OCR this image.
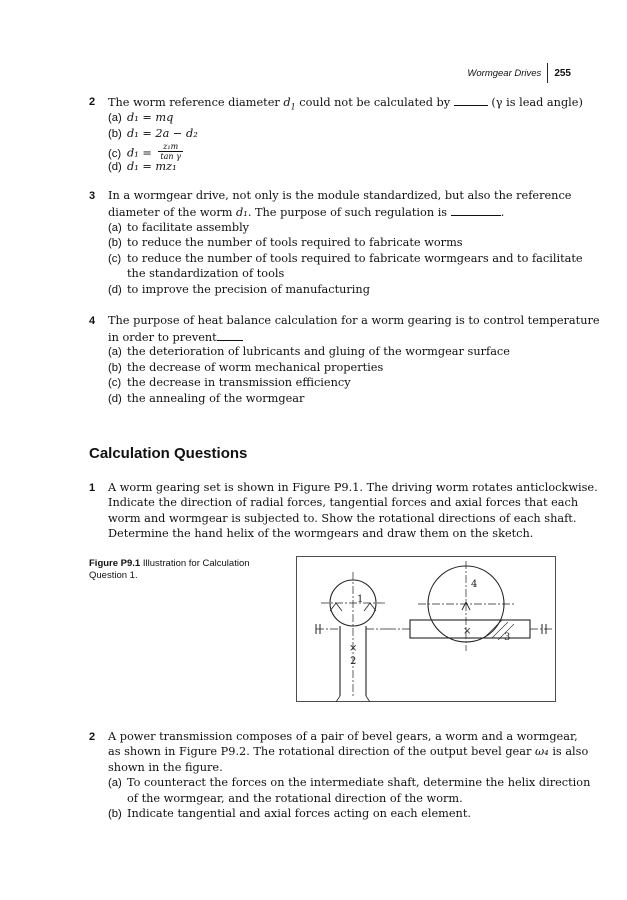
Wormgear Drives 255
2 The worm reference diameter $d_1$ could not be calculated by	(γ is lead angle)
(a) d₁ = mq
(b) d₁ = 2a − d₂
(c) $d_1 = \frac{\text{z₁m}}{\text{tan γ}}$
(d) d₁ = mz₁
3 In a wormgear drive, not only is the module standardized, but also the reference
diameter of the worm d₁. The purpose of such regulation is	.
(a) to facilitate assembly
(b) to reduce the number of tools required to fabricate worms
(c) to reduce the number of tools required to fabricate wormgears and to facilitate
the standardization of tools
(d) to improve the precision of manufacturing
4 The purpose of heat balance calculation for a worm gearing is to control temperature
in order to prevent
(a) the deterioration of lubricants and gluing of the wormgear surface
(b) the decrease of worm mechanical properties
(c) the decrease in transmission efficiency
(d) the annealing of the wormgear
Calculation Questions
1 A worm gearing set is shown in Figure P9.1. The driving worm rotates anticlockwise.
Indicate the direction of radial forces, tangential forces and axial forces that each
worm and wormgear is subjected to. Show the rotational directions of each shaft.
Determine the hand helix of the wormgears and draw them on the sketch.
Figure P9.1 Illustration for Calculation Question 1.
1
2
3
4
×
×
2 A power transmission composes of a pair of bevel gears, a worm and a wormgear,
as shown in Figure P9.2. The rotational direction of the output bevel gear ω₄ is also
shown in the figure.
(a) To counteract the forces on the intermediate shaft, determine the helix direction
of the wormgear, and the rotational direction of the worm.
(b) Indicate tangential and axial forces acting on each element.
